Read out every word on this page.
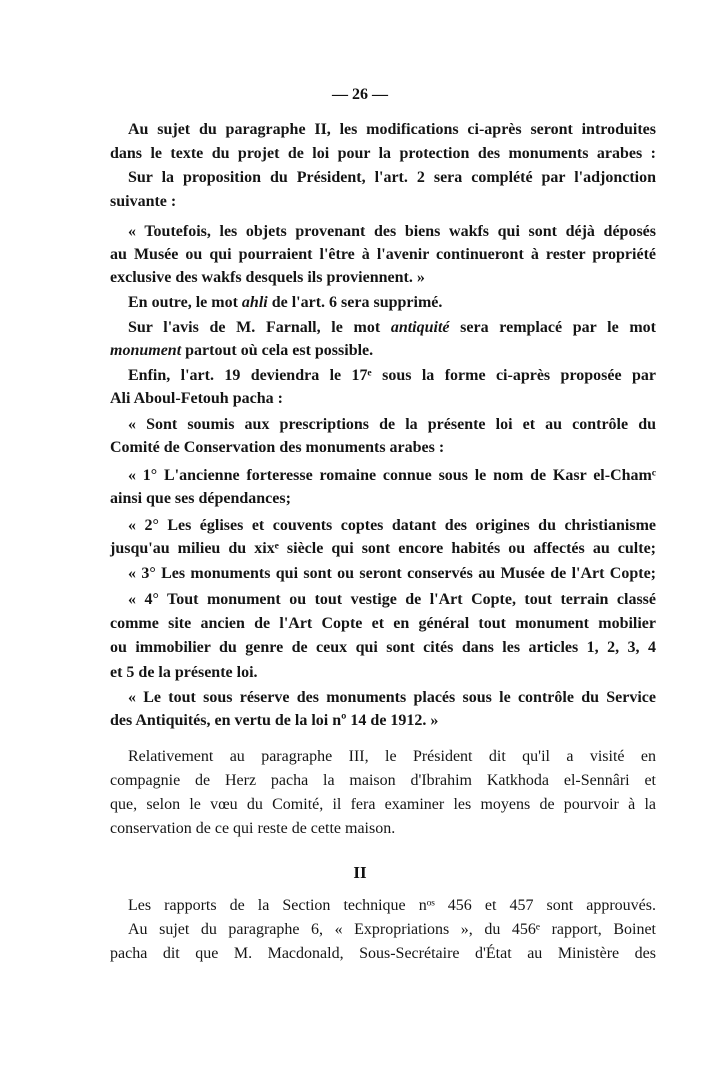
— 26 —
Au sujet du paragraphe II, les modifications ci-après seront introduites
dans le texte du projet de loi pour la protection des monuments arabes :
Sur la proposition du Président, l'art. 2 sera complété par l'adjonction
suivante :
« Toutefois, les objets provenant des biens wakfs qui sont déjà déposés
au Musée ou qui pourraient l'être à l'avenir continueront à rester propriété
exclusive des wakfs desquels ils proviennent. »
En outre, le mot ahli de l'art. 6 sera supprimé.
Sur l'avis de M. Farnall, le mot antiquité sera remplacé par le mot
monument partout où cela est possible.
Enfin, l'art. 19 deviendra le 17ᵉ sous la forme ci-après proposée par
Ali Aboul-Fetouh pacha :
« Sont soumis aux prescriptions de la présente loi et au contrôle du
Comité de Conservation des monuments arabes :
« 1° L'ancienne forteresse romaine connue sous le nom de Kasr el-Chamᶜ
ainsi que ses dépendances;
« 2° Les églises et couvents coptes datant des origines du christianisme
jusqu'au milieu du xixᵉ siècle qui sont encore habités ou affectés au culte;
« 3° Les monuments qui sont ou seront conservés au Musée de l'Art Copte;
« 4° Tout monument ou tout vestige de l'Art Copte, tout terrain classé
comme site ancien de l'Art Copte et en général tout monument mobilier
ou immobilier du genre de ceux qui sont cités dans les articles 1, 2, 3, 4
et 5 de la présente loi.
« Le tout sous réserve des monuments placés sous le contrôle du Service
des Antiquités, en vertu de la loi nº 14 de 1912. »
Relativement au paragraphe III, le Président dit qu'il a visité en
compagnie de Herz pacha la maison d'Ibrahim Katkhoda el-Sennâri et
que, selon le vœu du Comité, il fera examiner les moyens de pourvoir à la
conservation de ce qui reste de cette maison.
Les rapports de la Section technique nᵒˢ 456 et 457 sont approuvés.
Au sujet du paragraphe 6, « Expropriations », du 456ᵉ rapport, Boinet
pacha dit que M. Macdonald, Sous-Secrétaire d'État au Ministère des
II
